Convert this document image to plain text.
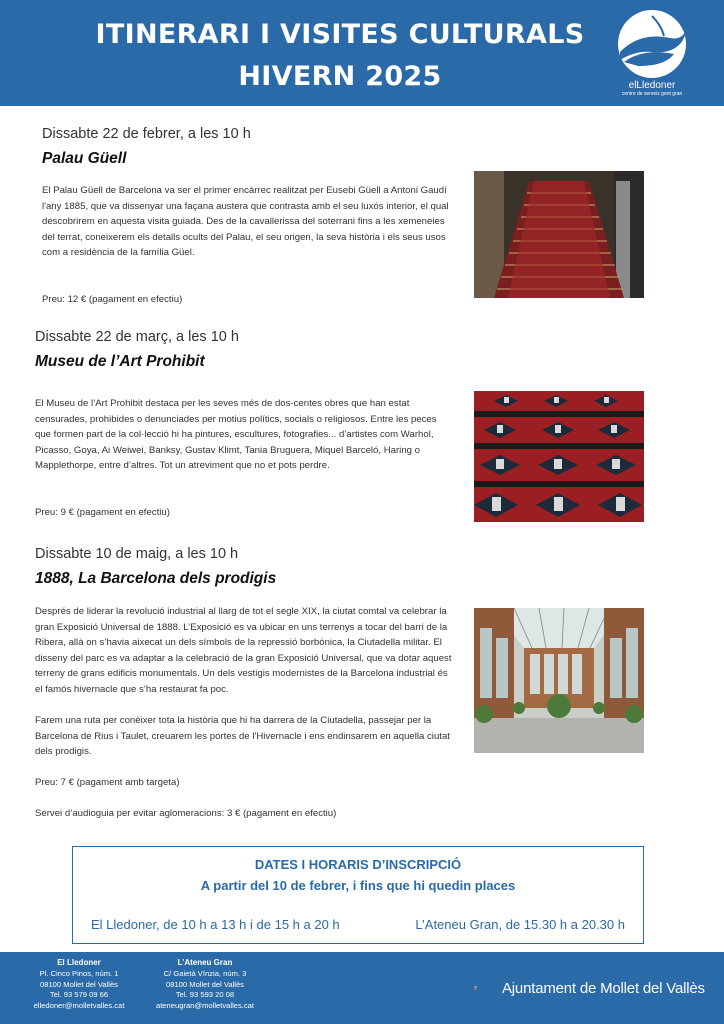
ITINERARI I VISITES CULTURALS
HIVERN 2025	elLledoner
centre de serveis gent gran
Dissabte 22 de febrer, a les 10 h
Palau Güell
El Palau Güell de Barcelona va ser el primer encàrrec realitzat per Eusebi Güell a Antoni Gaudí l'any 1885, que va dissenyar una façana austera que contrasta amb el seu luxós interior, el qual descobrirem en aquesta visita guiada. Des de la cavallerissa del soterrani fins a les xemeneies del terrat, coneixerem els detalls ocults del Palau, el seu origen, la seva història i els seus usos com a residència de la família Güel.
Preu: 12 € (pagament en efectiu)
Dissabte 22 de març, a les 10 h
Museu de l’Art Prohibit
El Museu de l’Art Prohibit destaca per les seves més de dos-centes obres que han estat censurades, prohibides o denunciades per motius polítics, socials o religiosos. Entre les peces que formen part de la col·lecció hi ha pintures, escultures, fotografies... d’artistes com Warhol, Picasso, Goya, Ai Weiwei, Banksy, Gustav Klimt, Tania Bruguera, Miquel Barceló, Haring o Mapplethorpe, entre d’altres. Tot un atreviment que no et pots perdre.
Preu: 9 € (pagament en efectiu)
Dissabte 10 de maig, a les 10 h
1888, La Barcelona dels prodigis
Després de liderar la revolució industrial al llarg de tot el segle XIX, la ciutat comtal va celebrar la gran Exposició Universal de 1888. L’Exposició es va ubicar en uns terrenys a tocar del barri de la Ribera, allà on s’havia aixecat un dels símbols de la repressió borbònica, la Ciutadella militar. El disseny del parc es va adaptar a la celebració de la gran Exposició Universal, que va dotar aquest terreny de grans edificis monumentals. Un dels vestigis modernistes de la Barcelona industrial és el famós hivernacle que s’ha restaurat fa poc.
Farem una ruta per conèixer tota la història que hi ha darrera de la Ciutadella, passejar per la Barcelona de Rius i Taulet, creuarem les portes de l'Hivernacle i ens endinsarem en aquella ciutat dels prodigis.
Preu: 7 € (pagament amb targeta)
Servei d’audioguia per evitar aglomeracions: 3 € (pagament en efectiu)
DATES I HORARIS D’INSCRIPCIÓ
A partir del 10 de febrer, i fins que hi quedin places
El Lledoner, de 10 h a 13 h i de 15 h a 20 h	L’Ateneu Gran, de 15.30 h a 20.30 h
El Lledoner
Pl. Cinco Pinos, núm. 1
08100 Mollet del Vallès
Tel. 93 579 09 66
elledoner@molletvalles.cat
L’Ateneu Gran
C/ Gaietà Vínzia, núm. 3
08100 Mollet del Vallès
Tel. 93 593 20 08
ateneugran@molletvalles.cat
Ajuntament de Mollet del Vallès
